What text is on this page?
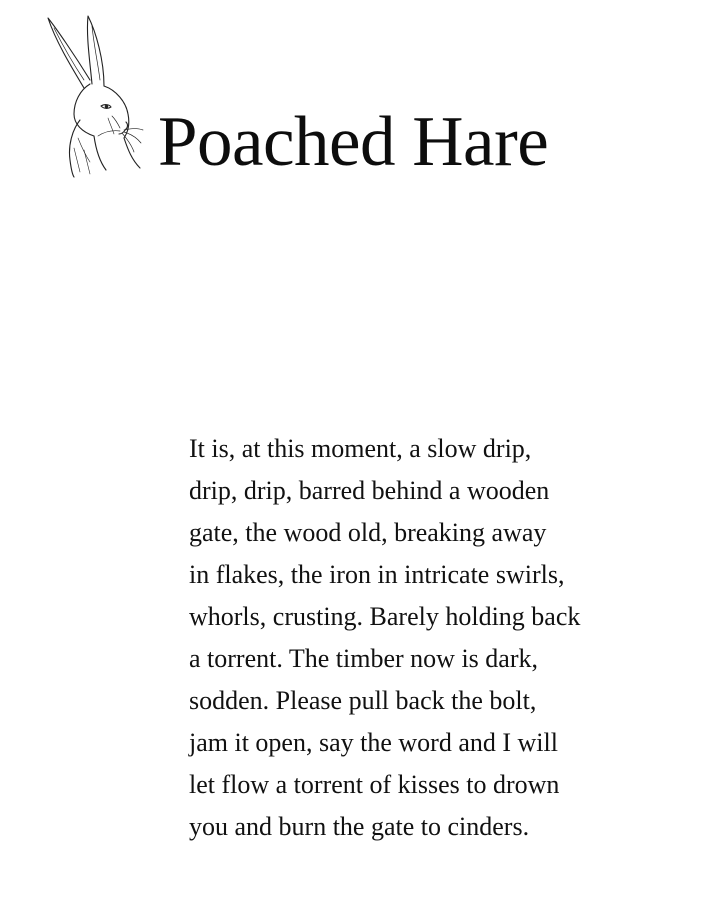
Poached Hare
It is, at this moment, a slow drip,
drip, drip, barred behind a wooden
gate, the wood old, breaking away
in flakes, the iron in intricate swirls,
whorls, crusting. Barely holding back
a torrent. The timber now is dark,
sodden. Please pull back the bolt,
jam it open, say the word and I will
let flow a torrent of kisses to drown
you and burn the gate to cinders.
